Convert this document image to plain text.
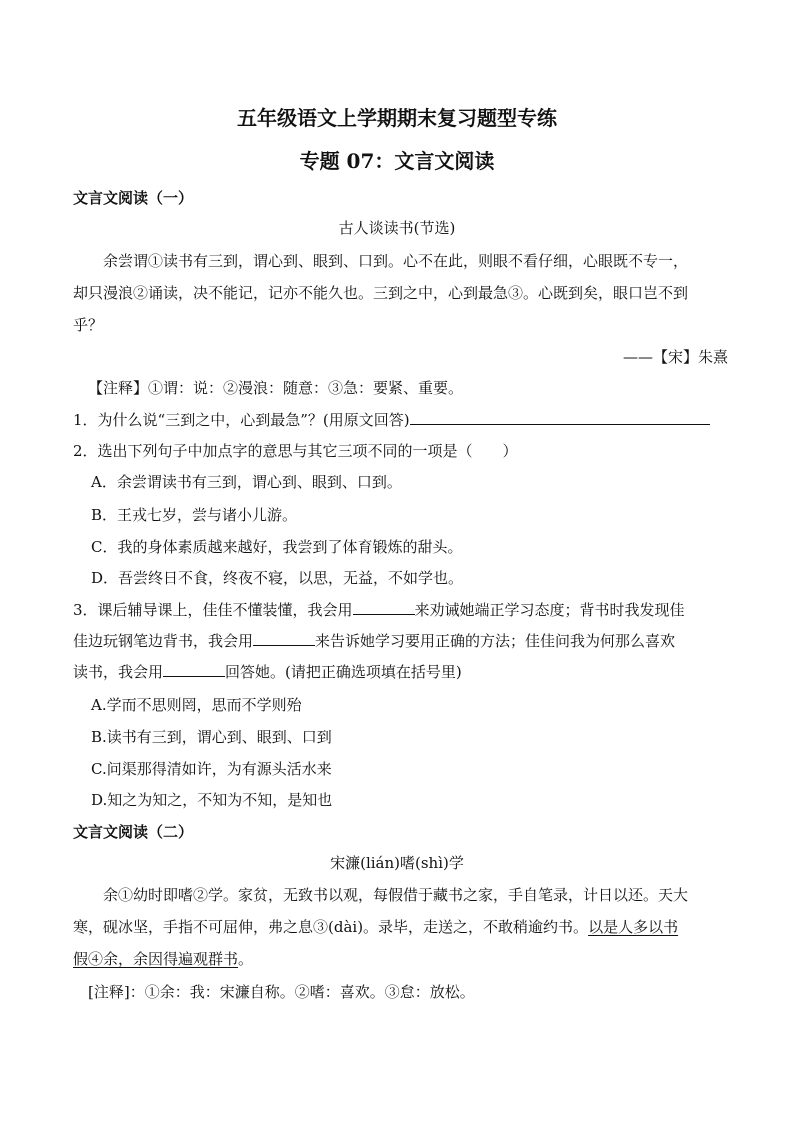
五年级语文上学期期末复习题型专练
专题 07：文言文阅读
文言文阅读（一）
古人谈读书(节选)
余尝谓①读书有三到，谓心到、眼到、口到。心不在此，则眼不看仔细，心眼既不专一，
却只漫浪②诵读，决不能记，记亦不能久也。三到之中，心到最急③。心既到矣，眼口岂不到
乎？
——【宋】朱熹
【注释】①谓：说：②漫浪：随意：③急：要紧、重要。
1．为什么说“三到之中，心到最急”？(用原文回答)
2．选出下列句子中加点字的意思与其它三项不同的一项是（　　）
A．余尝谓读书有三到，谓心到、眼到、口到。
B．王戎七岁，尝与诸小儿游。
C．我的身体素质越来越好，我尝到了体育锻炼的甜头。
D．吾尝终日不食，终夜不寝，以思，无益，不如学也。
3．课后辅导课上，佳佳不懂装懂，我会用	来劝诫她端正学习态度；背书时我发现佳
佳边玩钢笔边背书，我会用	来告诉她学习要用正确的方法；佳佳问我为何那么喜欢
读书，我会用	回答她。(请把正确选项填在括号里)
A.学而不思则罔，思而不学则殆
B.读书有三到，谓心到、眼到、口到
C.问渠那得清如许，为有源头活水来
D.知之为知之，不知为不知，是知也
文言文阅读（二）
宋濂(lián)嗜(shì)学
余①幼时即嗜②学。家贫，无致书以观，每假借于藏书之家，手自笔录，计日以还。天大
寒，砚冰坚，手指不可屈伸，弗之息③(dài)。录毕，走送之，不敢稍逾约书。以是人多以书
假④余，余因得遍观群书。
[注释]：①余：我：宋濂自称。②嗜：喜欢。③怠：放松。
